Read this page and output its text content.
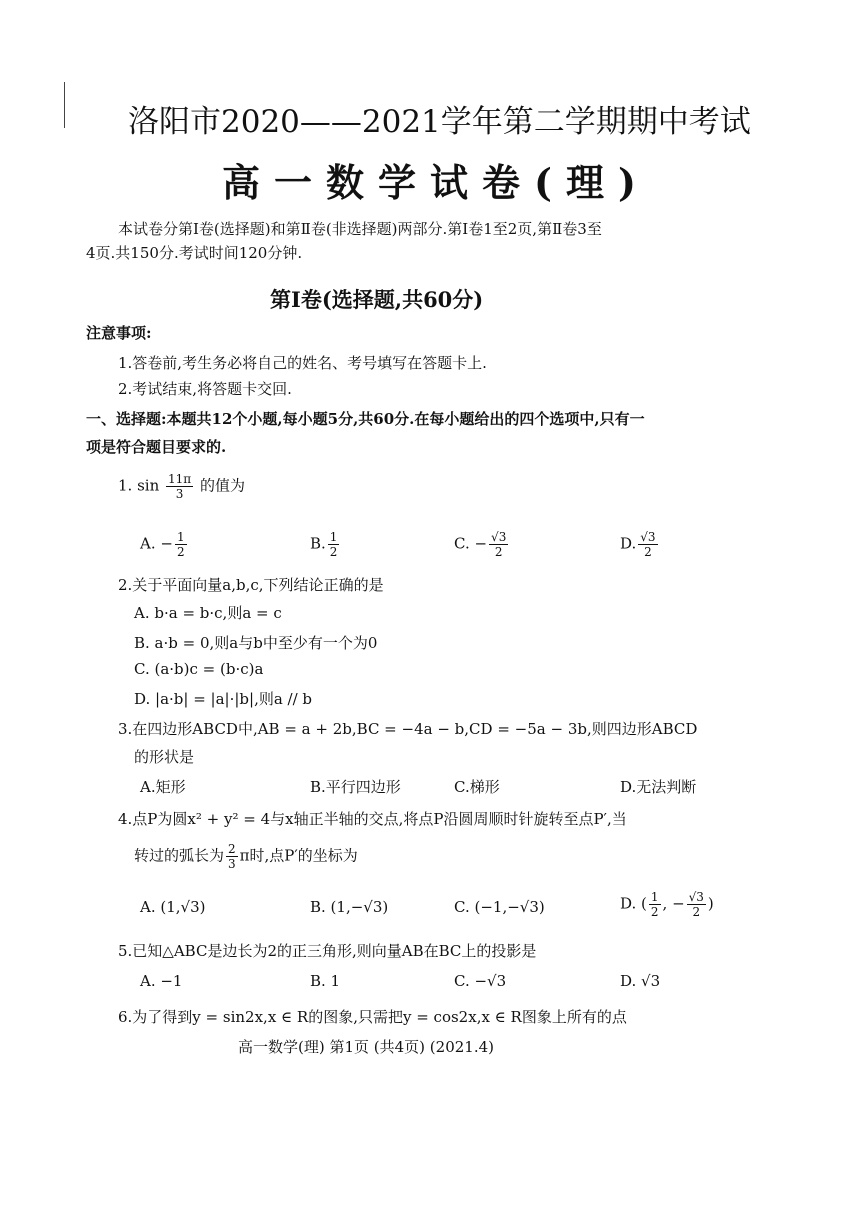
洛阳市2020——2021学年第二学期期中考试
高一数学试卷(理)
本试卷分第Ⅰ卷(选择题)和第Ⅱ卷(非选择题)两部分.第Ⅰ卷1至2页,第Ⅱ卷3至
4页.共150分.考试时间120分钟.
第Ⅰ卷(选择题,共60分)
注意事项:
1.答卷前,考生务必将自己的姓名、考号填写在答题卡上.
2.考试结束,将答题卡交回.
一、选择题:本题共12个小题,每小题5分,共60分.在每小题给出的四个选项中,只有一
项是符合题目要求的.
1. $\sin \frac{11\pi}{3}$ 的值为
A. − $\frac{1}{2}$	B. $\frac{1}{2}$	C. − $\frac{√3}{2}$	D. $\frac{√3}{2}$
2.关于平面向量a,b,c,下列结论正确的是
A. b·a = b·c,则a = c
B. a·b = 0,则a与b中至少有一个为0
C. (a·b)c = (b·c)a
D. |a·b| = |a|·|b|,则a // b
3.在四边形ABCD中,AB = a + 2b,BC = −4a − b,CD = −5a − 3b,则四边形ABCD
的形状是
A.矩形	B.平行四边形	C.梯形	D.无法判断
4.点P为圆x² + y² = 4与x轴正半轴的交点,将点P沿圆周顺时针旋转至点P′,当
转过的弧长为 $\frac{2}{3}$ π时,点P′的坐标为
A. (1,√3)	B. (1,−√3)	C. (−1,−√3)	D. ( $\frac{1}{2}$ , − $\frac{√3}{2}$ )
5.已知△ABC是边长为2的正三角形,则向量AB在BC上的投影是
A. −1	B. 1	C. −√3	D. √3
6.为了得到y = sin2x,x ∈ R的图象,只需把y = cos2x,x ∈ R图象上所有的点
高一数学(理) 第1页 (共4页) (2021.4)
